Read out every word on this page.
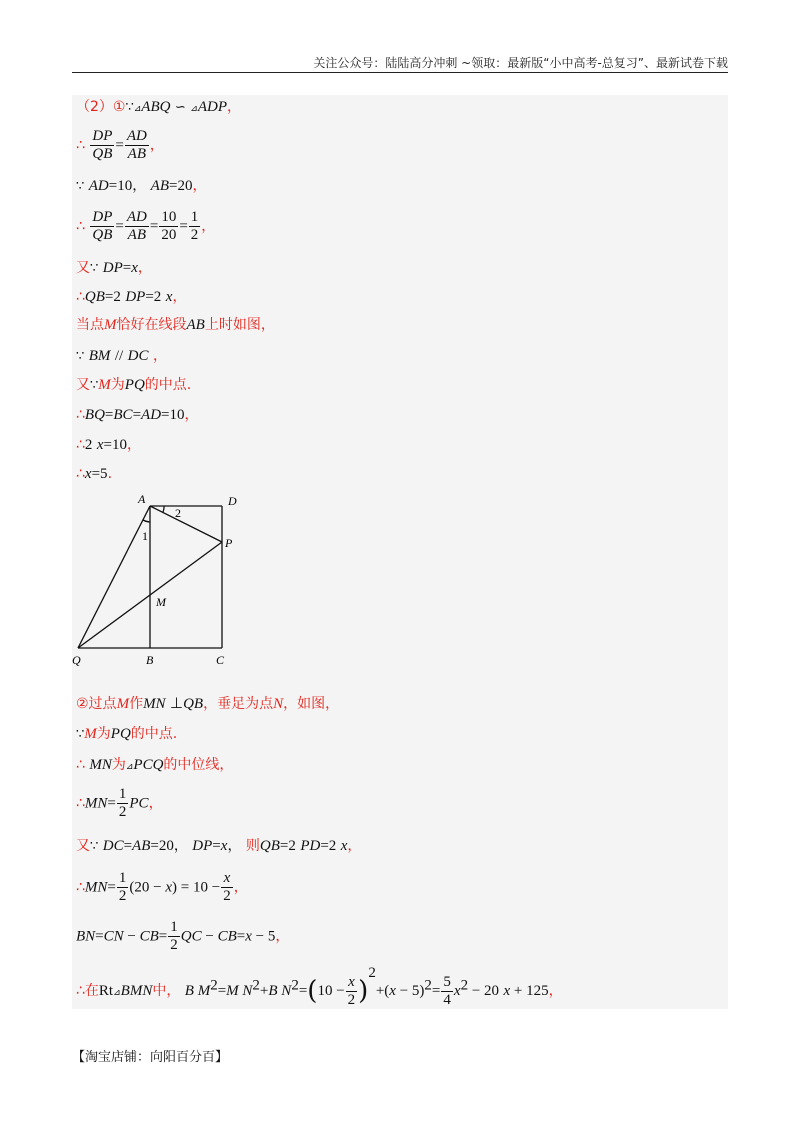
关注公众号：陆陆高分冲刺 ~领取：最新版“小中高考-总复习”、最新试卷下载
（2）①∵⊿ABQ ∽ ⊿ADP，
∴ $\frac{DP}{QB} = \frac{AD}{AB}$ ，
∵ AD=10， AB=20，
∴ $\frac{DP}{QB} = \frac{AD}{AB} = \frac{10}{20} = \frac{1}{2}$ ，
又∵ DP=x，
∴QB=2 DP=2 x，
当点M恰好在线段AB上时如图，
∵ BM // DC ，
又∵M为PQ的中点.
∴BQ=BC=AD=10，
∴2 x=10，
∴x=5.
A	D
P
M
Q	B	C
1
2
②过点M作MN ⊥QB，垂足为点N，如图，
∵M为PQ的中点.
∴ MN为⊿PCQ的中位线，
∴MN= $\frac{1}{2}$ PC，
又∵ DC=AB=20， DP=x， 则QB=2 PD=2 x，
∴MN= $\frac{1}{2} (20 - x) = 10 - \frac{x}{2}$ ，
$BN=CN - CB= \frac{1}{2}$ QC − CB=x − 5，
∴在Rt⊿BMN中， B $M^2=M$ $N^2+B$ $N^2=(10 - \frac{x}{2} )^2+(x - 5)^2= \frac{5}{4} x^2 - 20$ x + 125，
【淘宝店铺：向阳百分百】
